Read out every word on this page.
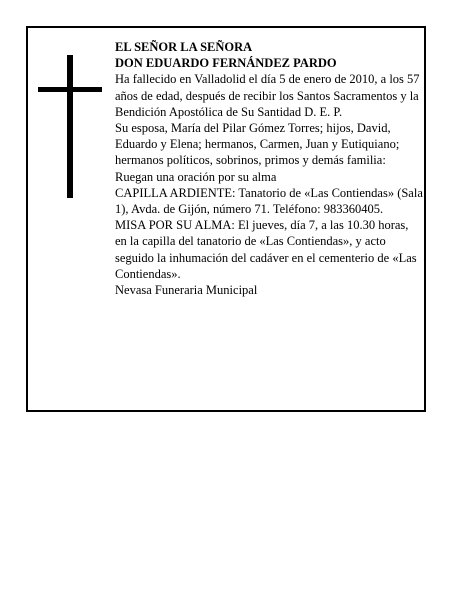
EL SEÑOR LA SEÑORA

DON EDUARDO FERNÁNDEZ PARDO

Ha fallecido en Valladolid el día 5 de enero de 2010, a los 57 años de edad, después de recibir los Santos Sacramentos y la Bendición Apostólica de Su Santidad D. E. P.

Su esposa, María del Pilar Gómez Torres; hijos, David, Eduardo y Elena; hermanos, Carmen, Juan y Eutiquiano; hermanos políticos, sobrinos, primos y demás familia:

Ruegan una oración por su alma

CAPILLA ARDIENTE: Tanatorio de «Las Contiendas» (Sala 1), Avda. de Gijón, número 71. Teléfono: 983360405.

MISA POR SU ALMA: El jueves, día 7, a las 10.30 horas, en la capilla del tanatorio de «Las Contiendas», y acto seguido la inhumación del cadáver en el cementerio de «Las Contiendas».

Nevasa Funeraria Municipal
